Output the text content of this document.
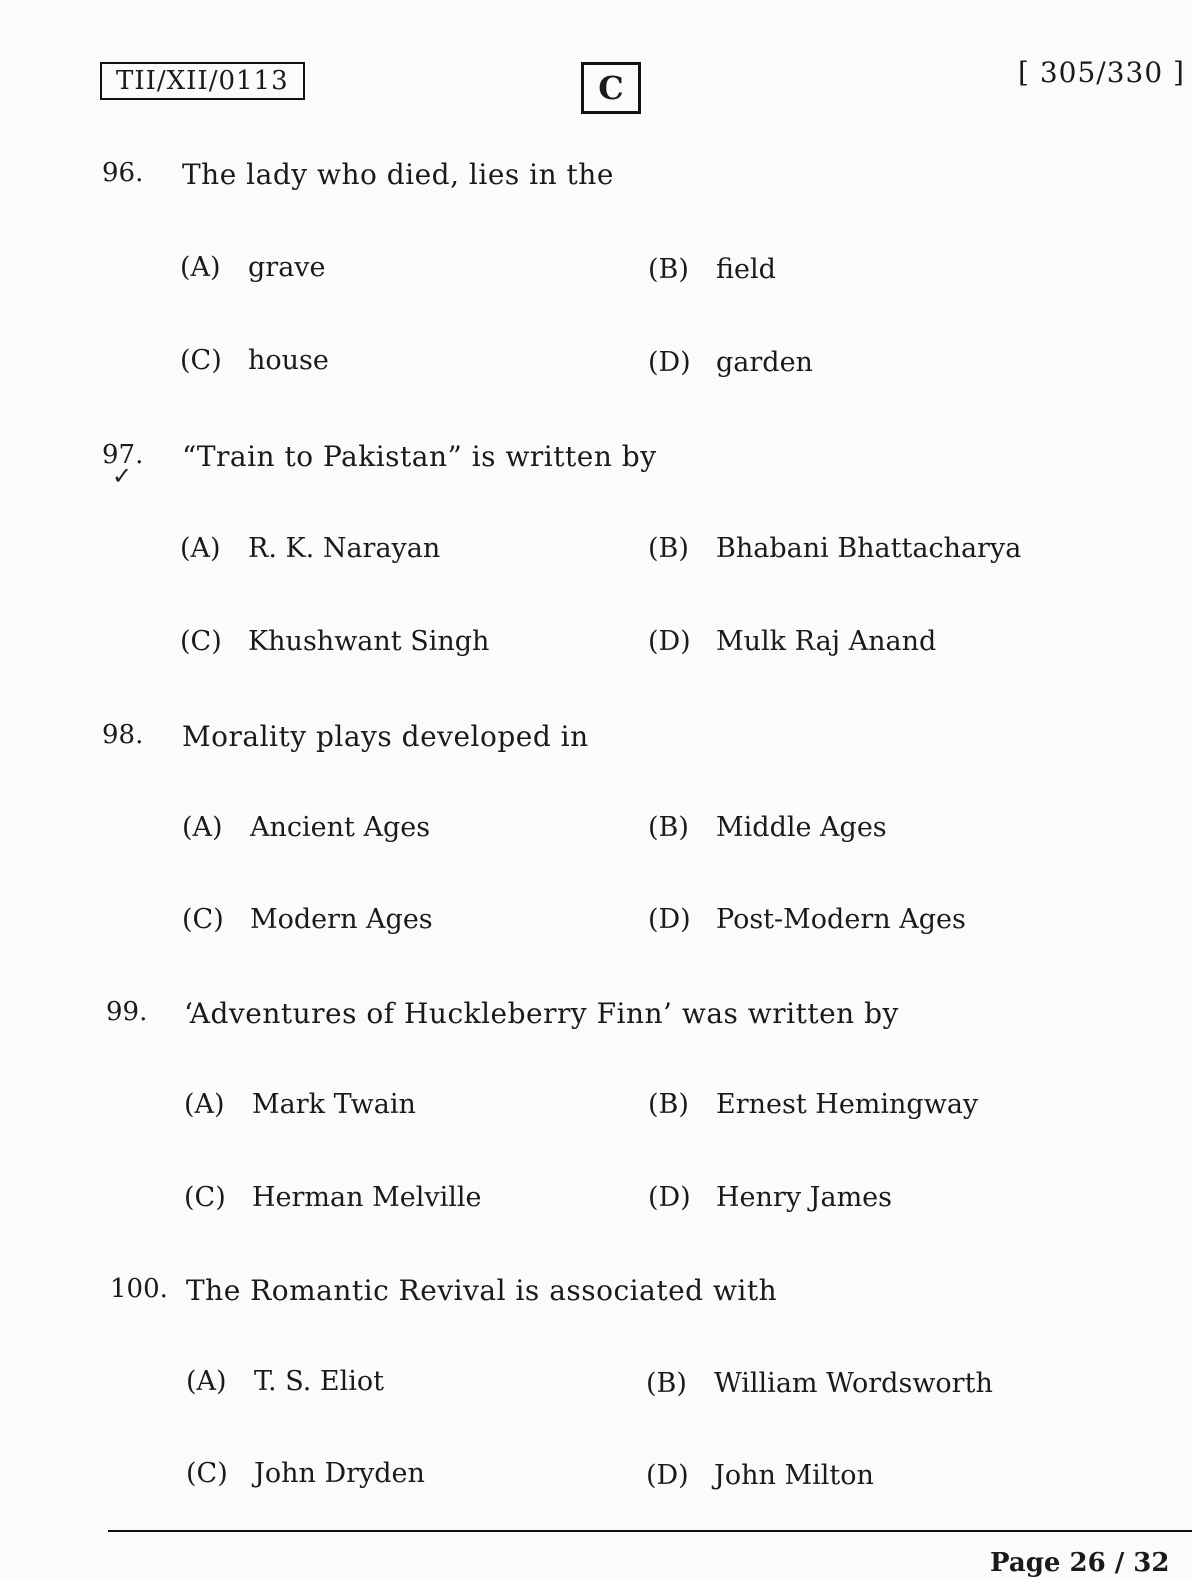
TII/XII/0113	C	[ 305/330 ]
96. The lady who died, lies in the
(A) grave	(B) field
(C) house	(D) garden
97.
✓
“Train to Pakistan” is written by
(A) R. K. Narayan	(B) Bhabani Bhattacharya
(C) Khushwant Singh	(D) Mulk Raj Anand
98. Morality plays developed in
(A) Ancient Ages	(B) Middle Ages
(C) Modern Ages	(D) Post-Modern Ages
99. ‘Adventures of Huckleberry Finn’ was written by
(A) Mark Twain	(B) Ernest Hemingway
(C) Herman Melville	(D) Henry James
100. The Romantic Revival is associated with
(A) T. S. Eliot	(B) William Wordsworth
(C) John Dryden	(D) John Milton
Page 26 / 32
